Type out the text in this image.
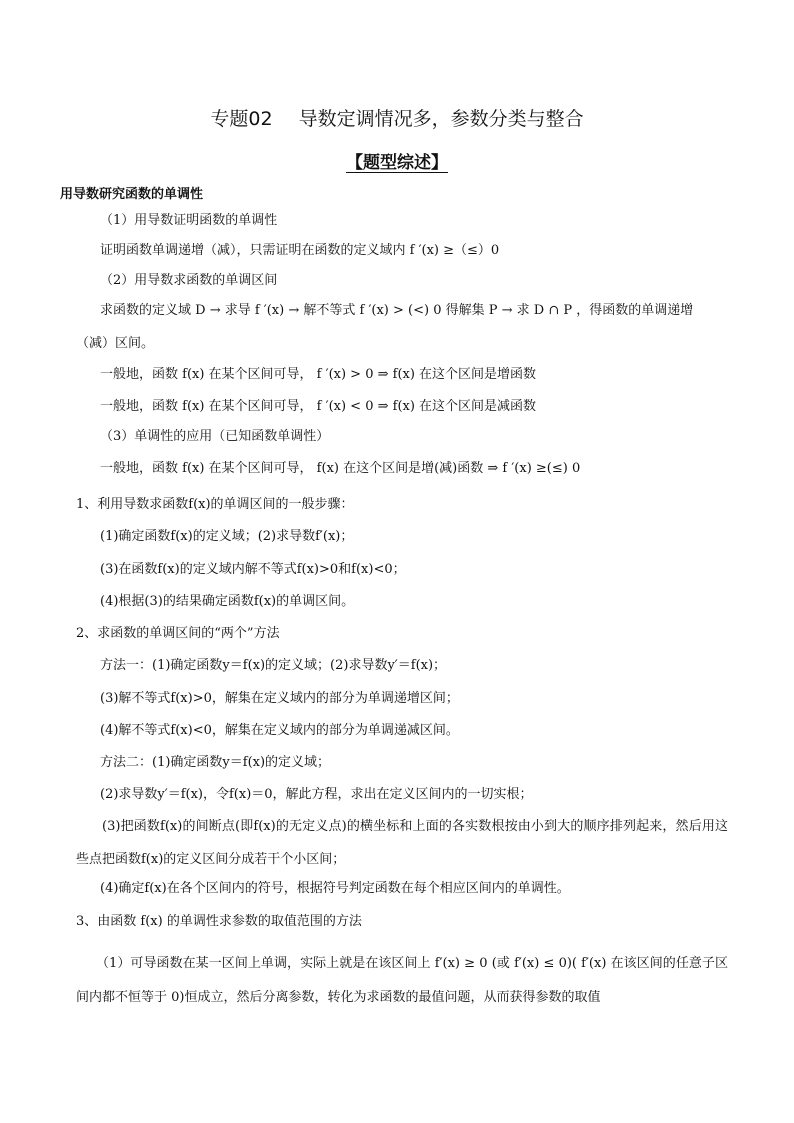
专题02 导数定调情况多，参数分类与整合
【题型综述】
用导数研究函数的单调性
（1）用导数证明函数的单调性
证明函数单调递增（减），只需证明在函数的定义域内 f ′(x) ≥（≤）0
（2）用导数求函数的单调区间
求函数的定义域 D → 求导 f ′(x) → 解不等式 f ′(x) > (<) 0 得解集 P → 求 D ∩ P ，得函数的单调递增
（减）区间。
一般地，函数 f(x) 在某个区间可导， f ′(x) > 0 ⇒ f(x) 在这个区间是增函数
一般地，函数 f(x) 在某个区间可导， f ′(x) < 0 ⇒ f(x) 在这个区间是减函数
（3）单调性的应用（已知函数单调性）
一般地，函数 f(x) 在某个区间可导， f(x) 在这个区间是增(减)函数 ⇒ f ′(x) ≥(≤) 0
1、利用导数求函数f(x)的单调区间的一般步骤：
(1)确定函数f(x)的定义域；(2)求导数f′(x)；
(3)在函数f(x)的定义域内解不等式f(x)>0和f(x)<0；
(4)根据(3)的结果确定函数f(x)的单调区间。
2、求函数的单调区间的“两个”方法
方法一：(1)确定函数y＝f(x)的定义域；(2)求导数y′＝f(x)；
(3)解不等式f(x)>0，解集在定义域内的部分为单调递增区间；
(4)解不等式f(x)<0，解集在定义域内的部分为单调递减区间。
方法二：(1)确定函数y＝f(x)的定义域；
(2)求导数y′＝f(x)，令f(x)＝0，解此方程，求出在定义区间内的一切实根；
(3)把函数f(x)的间断点(即f(x)的无定义点)的横坐标和上面的各实数根按由小到大的顺序排列起来，然后用这些点把函数f(x)的定义区间分成若干个小区间；
(4)确定f(x)在各个区间内的符号，根据符号判定函数在每个相应区间内的单调性。
3、由函数 f(x) 的单调性求参数的取值范围的方法
（1）可导函数在某一区间上单调，实际上就是在该区间上 f′(x) ≥ 0 (或 f′(x) ≤ 0)( f′(x) 在该区间的任意子区间内都不恒等于 0)恒成立，然后分离参数，转化为求函数的最值问题，从而获得参数的取值
